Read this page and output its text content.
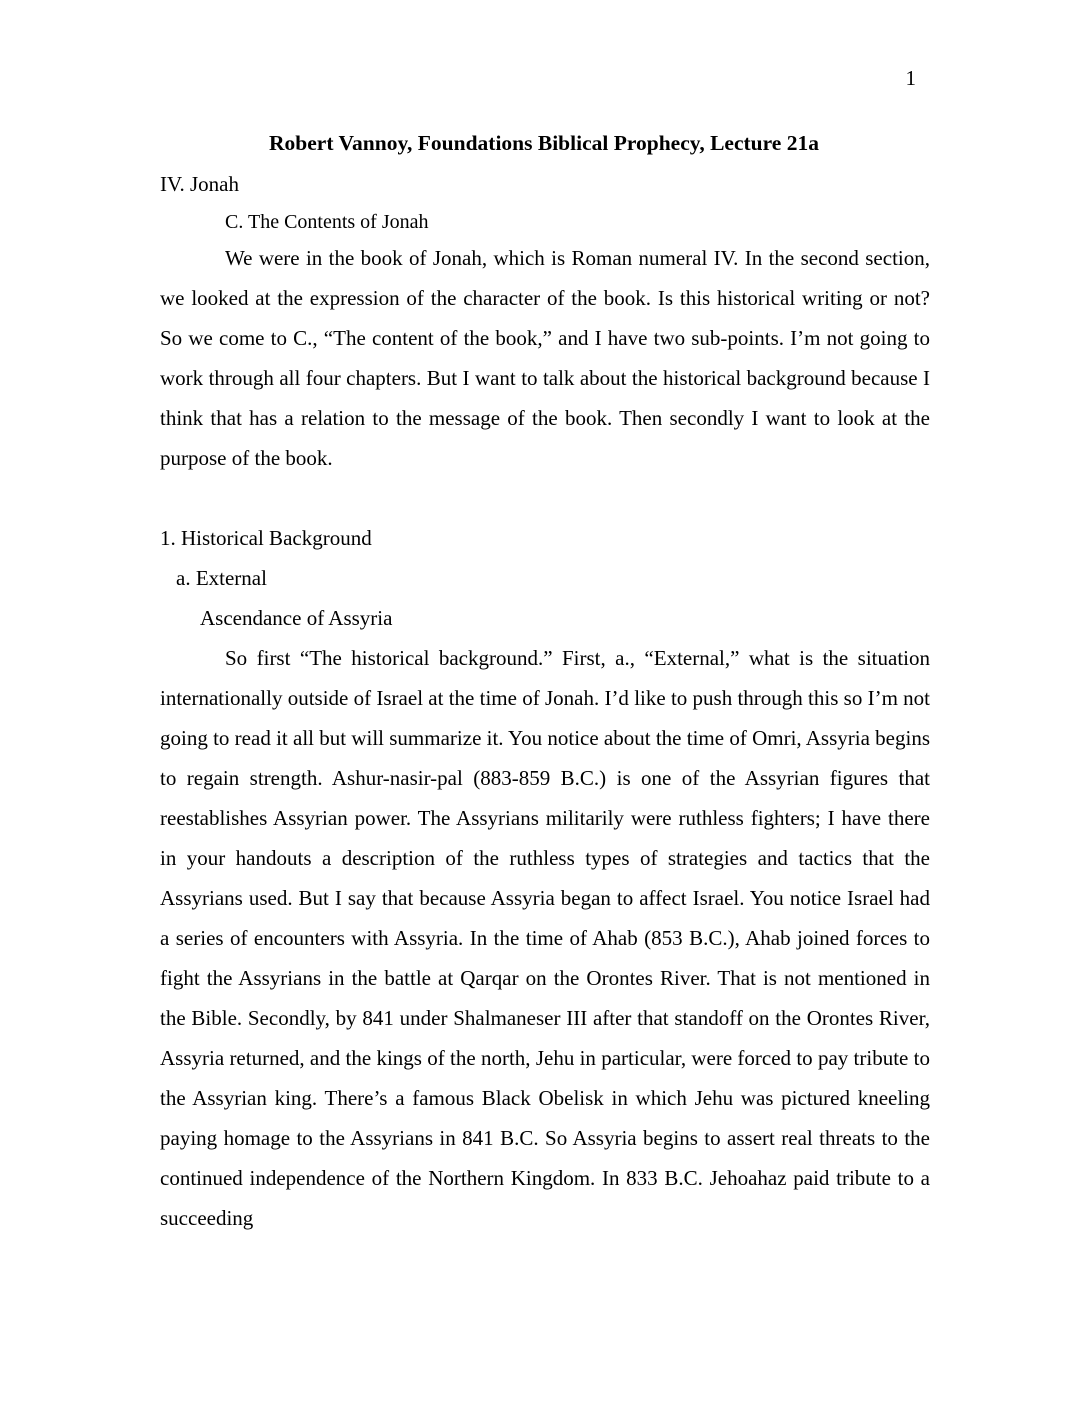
1
Robert Vannoy, Foundations Biblical Prophecy, Lecture 21a
IV. Jonah
C. The Contents of Jonah
We were in the book of Jonah, which is Roman numeral IV. In the second section, we looked at the expression of the character of the book. Is this historical writing or not? So we come to C., “The content of the book,” and I have two sub-points. I’m not going to work through all four chapters. But I want to talk about the historical background because I think that has a relation to the message of the book. Then secondly I want to look at the purpose of the book.
1. Historical Background
a. External
Ascendance of Assyria
So first “The historical background.” First, a., “External,” what is the situation internationally outside of Israel at the time of Jonah. I’d like to push through this so I’m not going to read it all but will summarize it. You notice about the time of Omri, Assyria begins to regain strength. Ashur-nasir-pal (883-859 B.C.) is one of the Assyrian figures that reestablishes Assyrian power. The Assyrians militarily were ruthless fighters; I have there in your handouts a description of the ruthless types of strategies and tactics that the Assyrians used. But I say that because Assyria began to affect Israel. You notice Israel had a series of encounters with Assyria. In the time of Ahab (853 B.C.), Ahab joined forces to fight the Assyrians in the battle at Qarqar on the Orontes River. That is not mentioned in the Bible. Secondly, by 841 under Shalmaneser III after that standoff on the Orontes River, Assyria returned, and the kings of the north, Jehu in particular, were forced to pay tribute to the Assyrian king. There’s a famous Black Obelisk in which Jehu was pictured kneeling paying homage to the Assyrians in 841 B.C. So Assyria begins to assert real threats to the continued independence of the Northern Kingdom. In 833 B.C. Jehoahaz paid tribute to a succeeding
